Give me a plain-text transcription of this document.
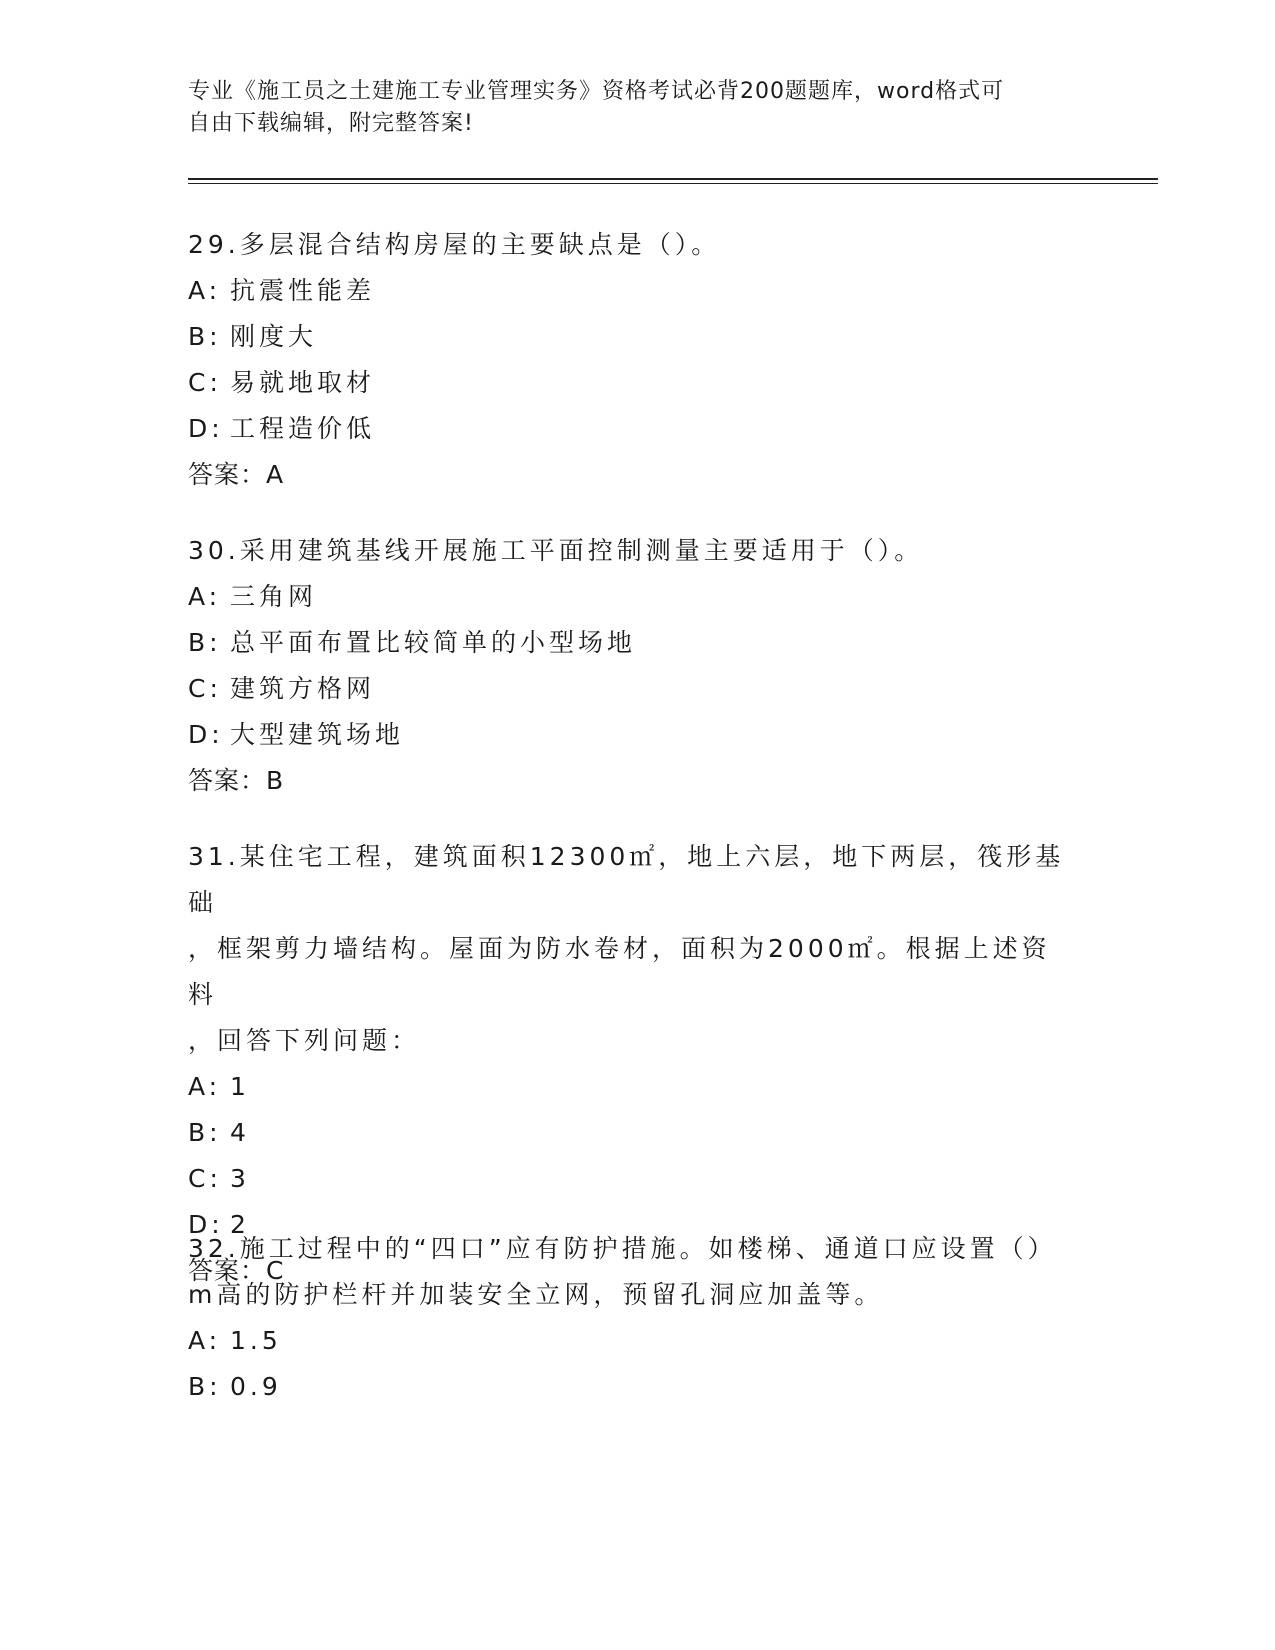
专业《施工员之土建施工专业管理实务》资格考试必背200题题库，word格式可
自由下载编辑，附完整答案!
29.多层混合结构房屋的主要缺点是（）。
A: 抗震性能差
B: 刚度大
C: 易就地取材
D: 工程造价低
答案：A
30.采用建筑基线开展施工平面控制测量主要适用于（）。
A: 三角网
B: 总平面布置比较简单的小型场地
C: 建筑方格网
D: 大型建筑场地
答案：B
31.某住宅工程，建筑面积12300㎡，地上六层，地下两层，筏形基础
，框架剪力墙结构。屋面为防水卷材，面积为2000㎡。根据上述资料
，回答下列问题：
A: 1
B: 4
C: 3
D: 2
答案：C
32.施工过程中的“四口”应有防护措施。如楼梯、通道口应设置（）
m高的防护栏杆并加装安全立网，预留孔洞应加盖等。
A: 1.5
B: 0.9
